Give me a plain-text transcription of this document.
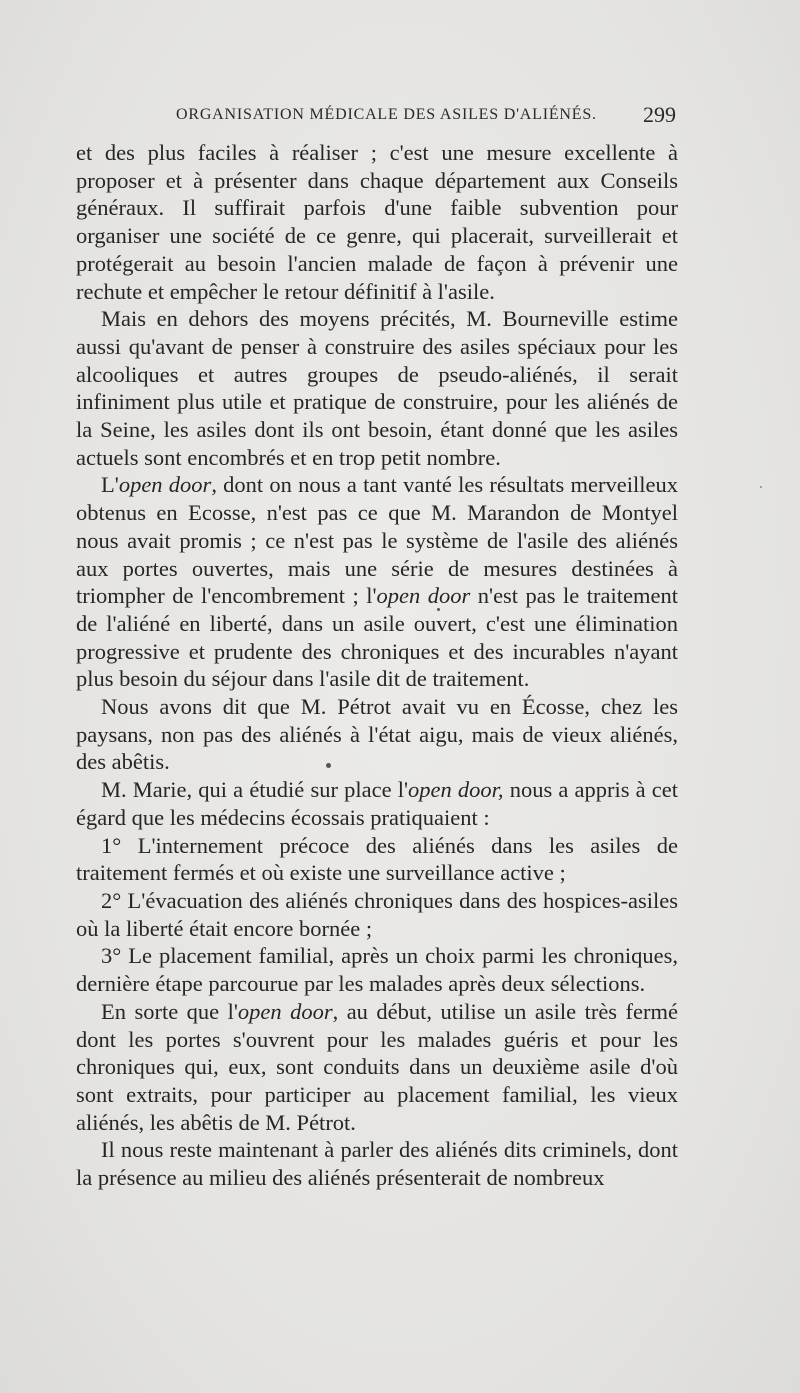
ORGANISATION MÉDICALE DES ASILES D'ALIÉNÉS. 299

et des plus faciles à réaliser ; c'est une mesure excellente à proposer et à présenter dans chaque département aux Conseils généraux. Il suffirait parfois d'une faible subvention pour organiser une société de ce genre, qui placerait, surveillerait et protégerait au besoin l'ancien malade de façon à prévenir une rechute et empêcher le retour définitif à l'asile.

Mais en dehors des moyens précités, M. Bourneville estime aussi qu'avant de penser à construire des asiles spéciaux pour les alcooliques et autres groupes de pseudo-aliénés, il serait infiniment plus utile et pratique de construire, pour les aliénés de la Seine, les asiles dont ils ont besoin, étant donné que les asiles actuels sont encombrés et en trop petit nombre.

L'open door, dont on nous a tant vanté les résultats merveilleux obtenus en Ecosse, n'est pas ce que M. Marandon de Montyel nous avait promis ; ce n'est pas le système de l'asile des aliénés aux portes ouvertes, mais une série de mesures destinées à triompher de l'encombrement ; l'open door n'est pas le traitement de l'aliéné en liberté, dans un asile ouvert, c'est une élimination progressive et prudente des chroniques et des incurables n'ayant plus besoin du séjour dans l'asile dit de traitement.

Nous avons dit que M. Pétrot avait vu en Écosse, chez les paysans, non pas des aliénés à l'état aigu, mais de vieux aliénés, des abêtis.

M. Marie, qui a étudié sur place l'open door, nous a appris à cet égard que les médecins écossais pratiquaient :

1° L'internement précoce des aliénés dans les asiles de traitement fermés et où existe une surveillance active ;

2° L'évacuation des aliénés chroniques dans des hospices-asiles où la liberté était encore bornée ;

3° Le placement familial, après un choix parmi les chroniques, dernière étape parcourue par les malades après deux sélections.

En sorte que l'open door, au début, utilise un asile très fermé dont les portes s'ouvrent pour les malades guéris et pour les chroniques qui, eux, sont conduits dans un deuxième asile d'où sont extraits, pour participer au placement familial, les vieux aliénés, les abêtis de M. Pétrot.

Il nous reste maintenant à parler des aliénés dits criminels, dont la présence au milieu des aliénés présenterait de nombreux
